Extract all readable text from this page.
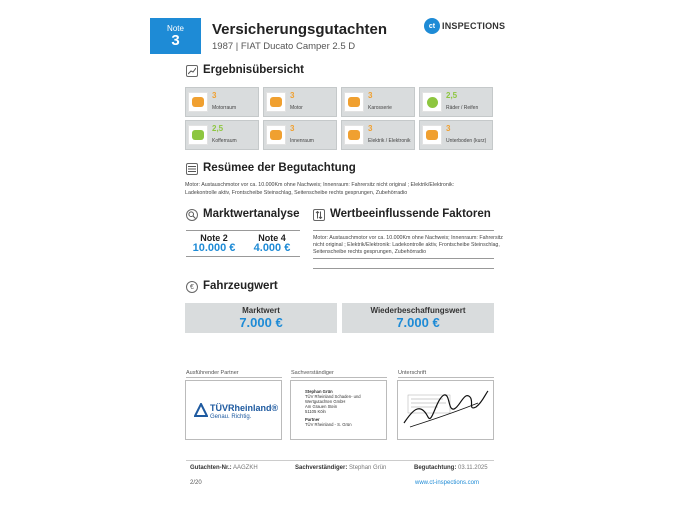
Note
3
Versicherungsgutachten
1987 | FIAT Ducato Camper 2.5 D
ct INSPECTIONS
Ergebnisübersicht
3
Motorraum
3
Motor
3
Karosserie
2,5
Räder / Reifen
2,5
Kofferraum
3
Innenraum
3
Elektrik / Elektronik
3
Unterboden (kurz)
Resümee der Begutachtung
Motor: Austauschmotor vor ca. 10.000Km ohne Nachweis; Innenraum: Fahrersitz nicht original ; Elektrik/Elektronik:
Ladekontrolle aktiv, Frontscheibe Steinschlag, Seitenscheibe rechts gesprungen, Zubehörradio
Marktwertanalyse
Note 2	Note 4
10.000 €	4.000 €
Wertbeeinflussende Faktoren
Motor: Austauschmotor vor ca. 10.000Km ohne Nachweis; Innenraum: Fahrersitz
nicht original ; Elektrik/Elektronik: Ladekontrolle aktiv, Frontscheibe Steinschlag,
Seitenscheibe rechts gesprungen, Zubehörradio
€ Fahrzeugwert
Marktwert
7.000 €
Wiederbeschaffungswert
7.000 €
Ausführender Partner
TÜVRheinland®
Genau. Richtig.
Sachverständiger
Stephan Grün
TÜV Rheinland Schaden- und
Wertgutachten GmbH
Am Grauen Stein
51105 Köln
Partner
TÜV Rheinland - S. Grün
Unterschrift
Gutachten-Nr.: AAGZKH	Sachverständiger: Stephan Grün	Begutachtung: 03.11.2025
2/20	www.ct-inspections.com
